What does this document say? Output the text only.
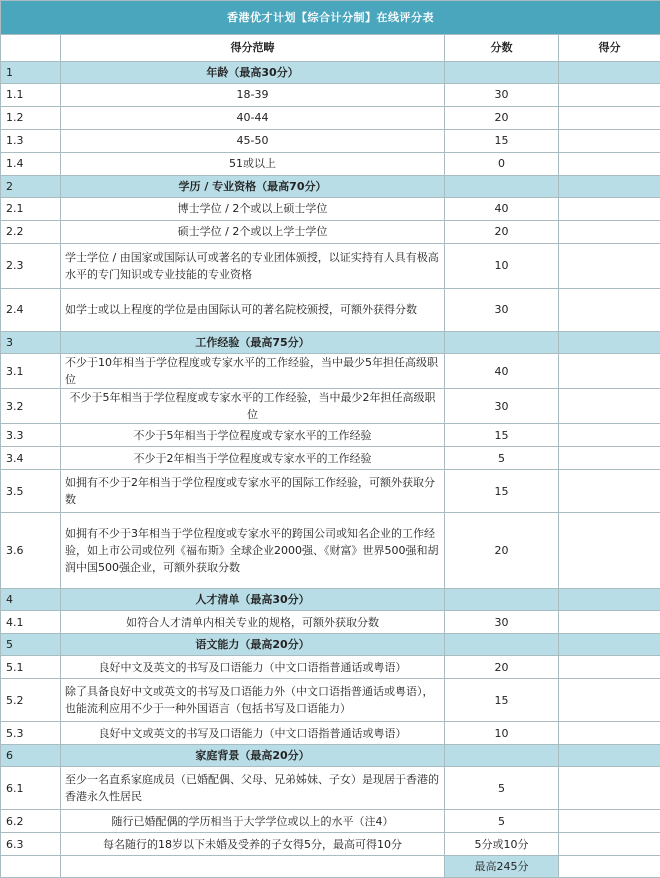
香港优才计划【综合计分制】在线评分表			
	得分范畴	分数	得分
1	年龄（最高30分）		
1.1	18-39	30	
1.2	40-44	20	
1.3	45-50	15	
1.4	51或以上	0	
2	学历 / 专业资格（最高70分）		
2.1	博士学位 / 2个或以上硕士学位	40	
2.2	硕士学位 / 2个或以上学士学位	20	
2.3	学士学位 / 由国家或国际认可或著名的专业团体颁授，以证实持有人具有极高水平的专门知识或专业技能的专业资格	10	
2.4	如学士或以上程度的学位是由国际认可的著名院校颁授，可额外获得分数	30	
3	工作经验（最高75分）		
3.1	不少于10年相当于学位程度或专家水平的工作经验，当中最少5年担任高级职位	40	
3.2	不少于5年相当于学位程度或专家水平的工作经验，当中最少2年担任高级职位	30	
3.3	不少于5年相当于学位程度或专家水平的工作经验	15	
3.4	不少于2年相当于学位程度或专家水平的工作经验	5	
3.5	如拥有不少于2年相当于学位程度或专家水平的国际工作经验，可额外获取分数	15	
3.6	如拥有不少于3年相当于学位程度或专家水平的跨国公司或知名企业的工作经验，如上市公司或位列《福布斯》全球企业2000强、《财富》世界500强和胡润中国500强企业，可额外获取分数	20	
4	人才清单（最高30分）		
4.1	如符合人才清单内相关专业的规格，可额外获取分数	30	
5	语文能力（最高20分）		
5.1	良好中文及英文的书写及口语能力（中文口语指普通话或粤语）	20	
5.2	除了具备良好中文或英文的书写及口语能力外（中文口语指普通话或粤语），也能流利应用不少于一种外国语言（包括书写及口语能力）	15	
5.3	良好中文或英文的书写及口语能力（中文口语指普通话或粤语）	10	
6	家庭背景（最高20分）		
6.1	至少一名直系家庭成员（已婚配偶、父母、兄弟姊妹、子女）是现居于香港的香港永久性居民	5	
6.2	随行已婚配偶的学历相当于大学学位或以上的水平（注4）	5	
6.3	每名随行的18岁以下未婚及受养的子女得5分，最高可得10分	5分或10分	
		最高245分	
